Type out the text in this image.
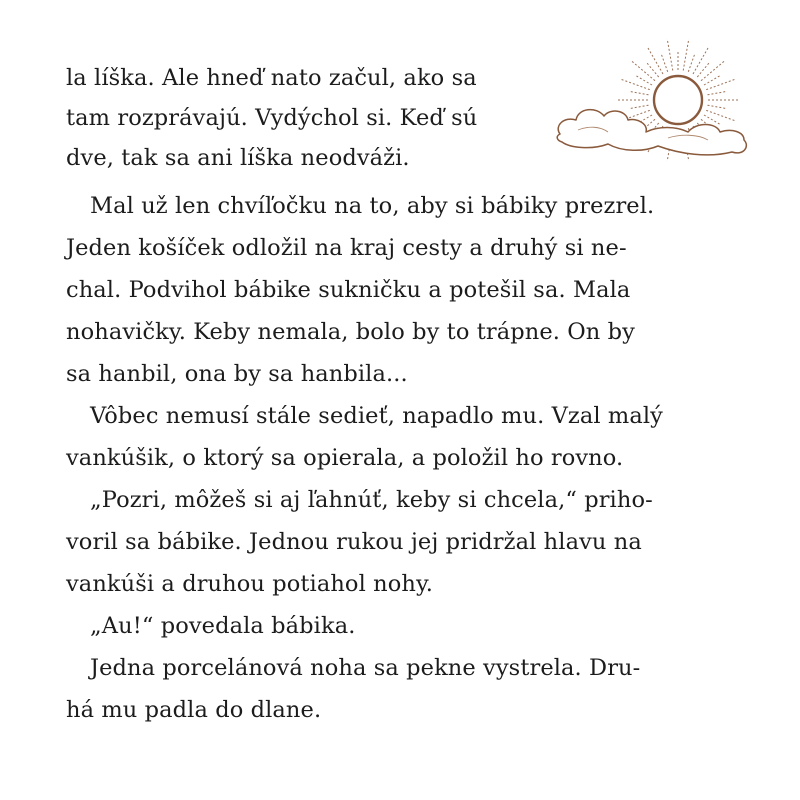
la líška. Ale hneď nato začul, ako sa
tam rozprávajú. Vydýchol si. Keď sú
dve, tak sa ani líška neodváži.
Mal už len chvíľočku na to, aby si bábiky prezrel.
Jeden košíček odložil na kraj cesty a druhý si ne-
chal. Podvihol bábike sukničku a potešil sa. Mala
nohavičky. Keby nemala, bolo by to trápne. On by
sa hanbil, ona by sa hanbila...
Vôbec nemusí stále sedieť, napadlo mu. Vzal malý
vankúšik, o ktorý sa opierala, a položil ho rovno.
„Pozri, môžeš si aj ľahnúť, keby si chcela,“ priho-
voril sa bábike. Jednou rukou jej pridržal hlavu na
vankúši a druhou potiahol nohy.
„Au!“ povedala bábika.
Jedna porcelánová noha sa pekne vystrela. Dru-
há mu padla do dlane.
